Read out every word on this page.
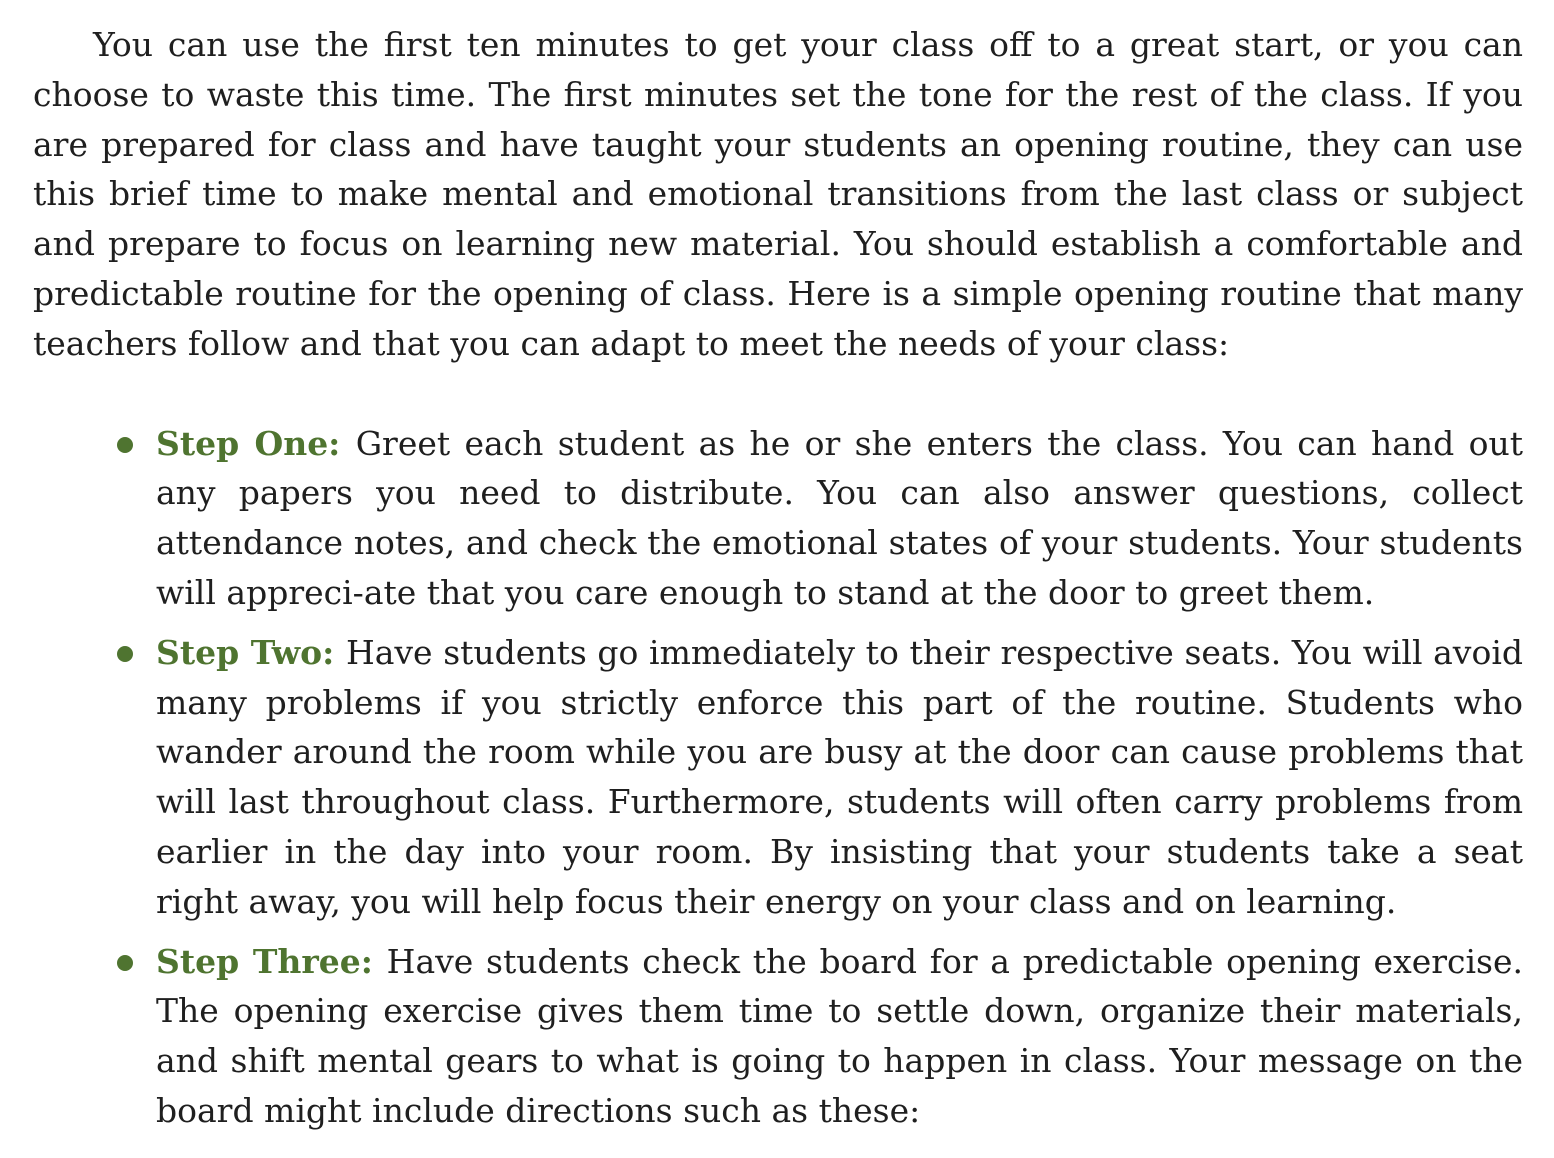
You can use the first ten minutes to get your class off to a great start, or you can choose to waste this time. The first minutes set the tone for the rest of the class. If you are prepared for class and have taught your students an opening routine, they can use this brief time to make mental and emotional transitions from the last class or subject and prepare to focus on learning new material. You should establish a comfortable and predictable routine for the opening of class. Here is a simple opening routine that many teachers follow and that you can adapt to meet the needs of your class:

Step One: Greet each student as he or she enters the class. You can hand out any papers you need to distribute. You can also answer questions, collect attendance notes, and check the emotional states of your students. Your students will appreci-ate that you care enough to stand at the door to greet them.
Step Two: Have students go immediately to their respective seats. You will avoid many problems if you strictly enforce this part of the routine. Students who wander around the room while you are busy at the door can cause problems that will last throughout class. Furthermore, students will often carry problems from earlier in the day into your room. By insisting that your students take a seat right away, you will help focus their energy on your class and on learning.
Step Three: Have students check the board for a predictable opening exercise. The opening exercise gives them time to settle down, organize their materials, and shift mental gears to what is going to happen in class. Your message on the board might include directions such as these:
